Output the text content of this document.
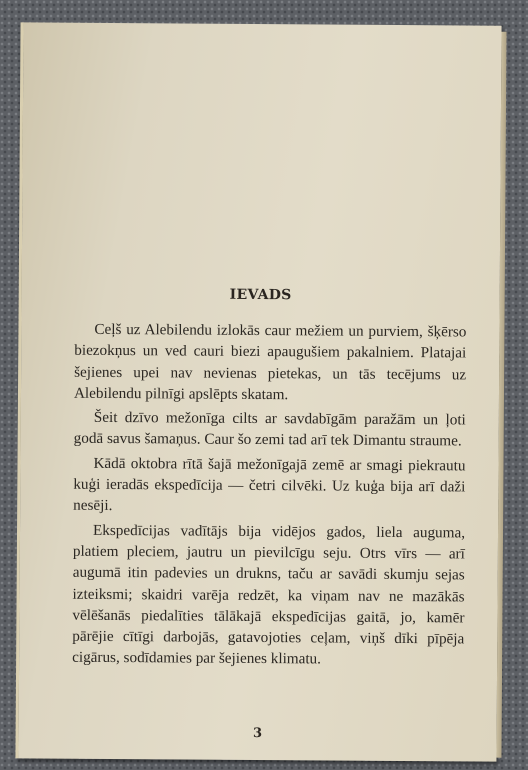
IEVADS

Ceļš uz Alebilendu izlokās caur mežiem un purviem, šķērso biezokņus un ved cauri biezi apaugušiem pakalniem. Platajai šejienes upei nav nevienas pietekas, un tās tecējums uz Alebilendu pilnīgi apslēpts skatam.

Šeit dzīvo mežonīga cilts ar savdabīgām paražām un ļoti godā savus šamaņus. Caur šo zemi tad arī tek Dimantu straume.

Kādā oktobra rītā šajā mežonīgajā zemē ar smagi piekrautu kuģi ieradās ekspedīcija — četri cilvēki. Uz kuģa bija arī daži nesēji.

Ekspedīcijas vadītājs bija vidējos gados, liela auguma, platiem pleciem, jautru un pievilcīgu seju. Otrs vīrs — arī augumā itin padevies un drukns, taču ar savādi skumju sejas izteiksmi; skaidri varēja redzēt, ka viņam nav ne mazākās vēlēšanās piedalīties tālākajā ekspedīcijas gaitā, jo, kamēr pārējie cītīgi darbojās, gatavojoties ceļam, viņš dīki pīpēja cigārus, sodīdamies par šejienes klimatu.

3
